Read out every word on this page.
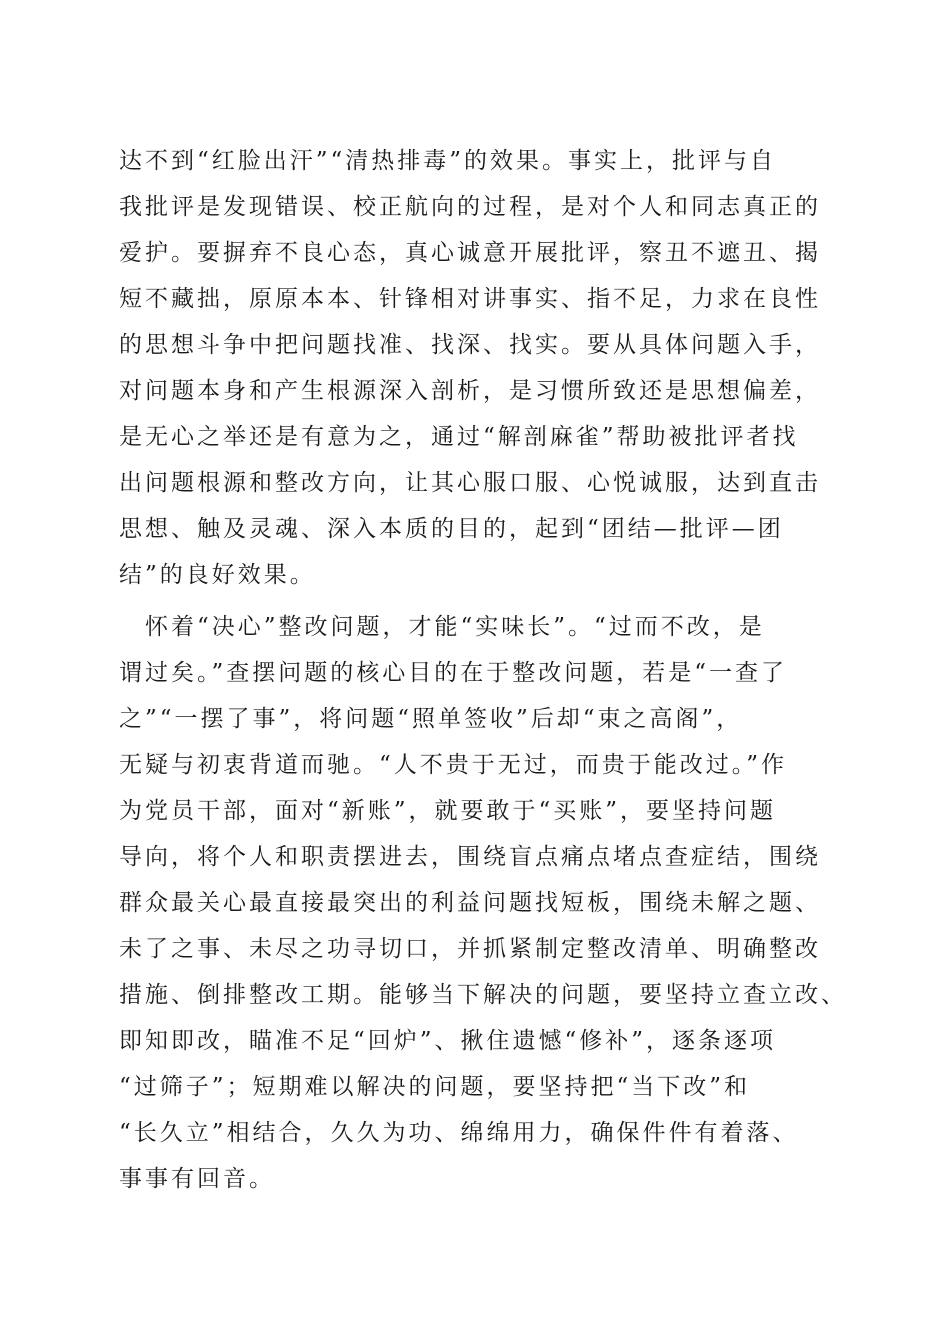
达不到“红脸出汗”“清热排毒”的效果。事实上，批评与自
我批评是发现错误、校正航向的过程，是对个人和同志真正的
爱护。要摒弃不良心态，真心诚意开展批评，察丑不遮丑、揭
短不藏拙，原原本本、针锋相对讲事实、指不足，力求在良性
的思想斗争中把问题找准、找深、找实。要从具体问题入手，
对问题本身和产生根源深入剖析，是习惯所致还是思想偏差，
是无心之举还是有意为之，通过“解剖麻雀”帮助被批评者找
出问题根源和整改方向，让其心服口服、心悦诚服，达到直击
思想、触及灵魂、深入本质的目的，起到“团结—批评—团
结”的良好效果。
　怀着“决心”整改问题，才能“实味长”。“过而不改，是
谓过矣。”查摆问题的核心目的在于整改问题，若是“一查了
之”“一摆了事”，将问题“照单签收”后却“束之高阁”，
无疑与初衷背道而驰。“人不贵于无过，而贵于能改过。”作
为党员干部，面对“新账”，就要敢于“买账”，要坚持问题
导向，将个人和职责摆进去，围绕盲点痛点堵点查症结，围绕
群众最关心最直接最突出的利益问题找短板，围绕未解之题、
未了之事、未尽之功寻切口，并抓紧制定整改清单、明确整改
措施、倒排整改工期。能够当下解决的问题，要坚持立查立改、
即知即改，瞄准不足“回炉”、揪住遗憾“修补”，逐条逐项
“过筛子”；短期难以解决的问题，要坚持把“当下改”和
“长久立”相结合，久久为功、绵绵用力，确保件件有着落、
事事有回音。
